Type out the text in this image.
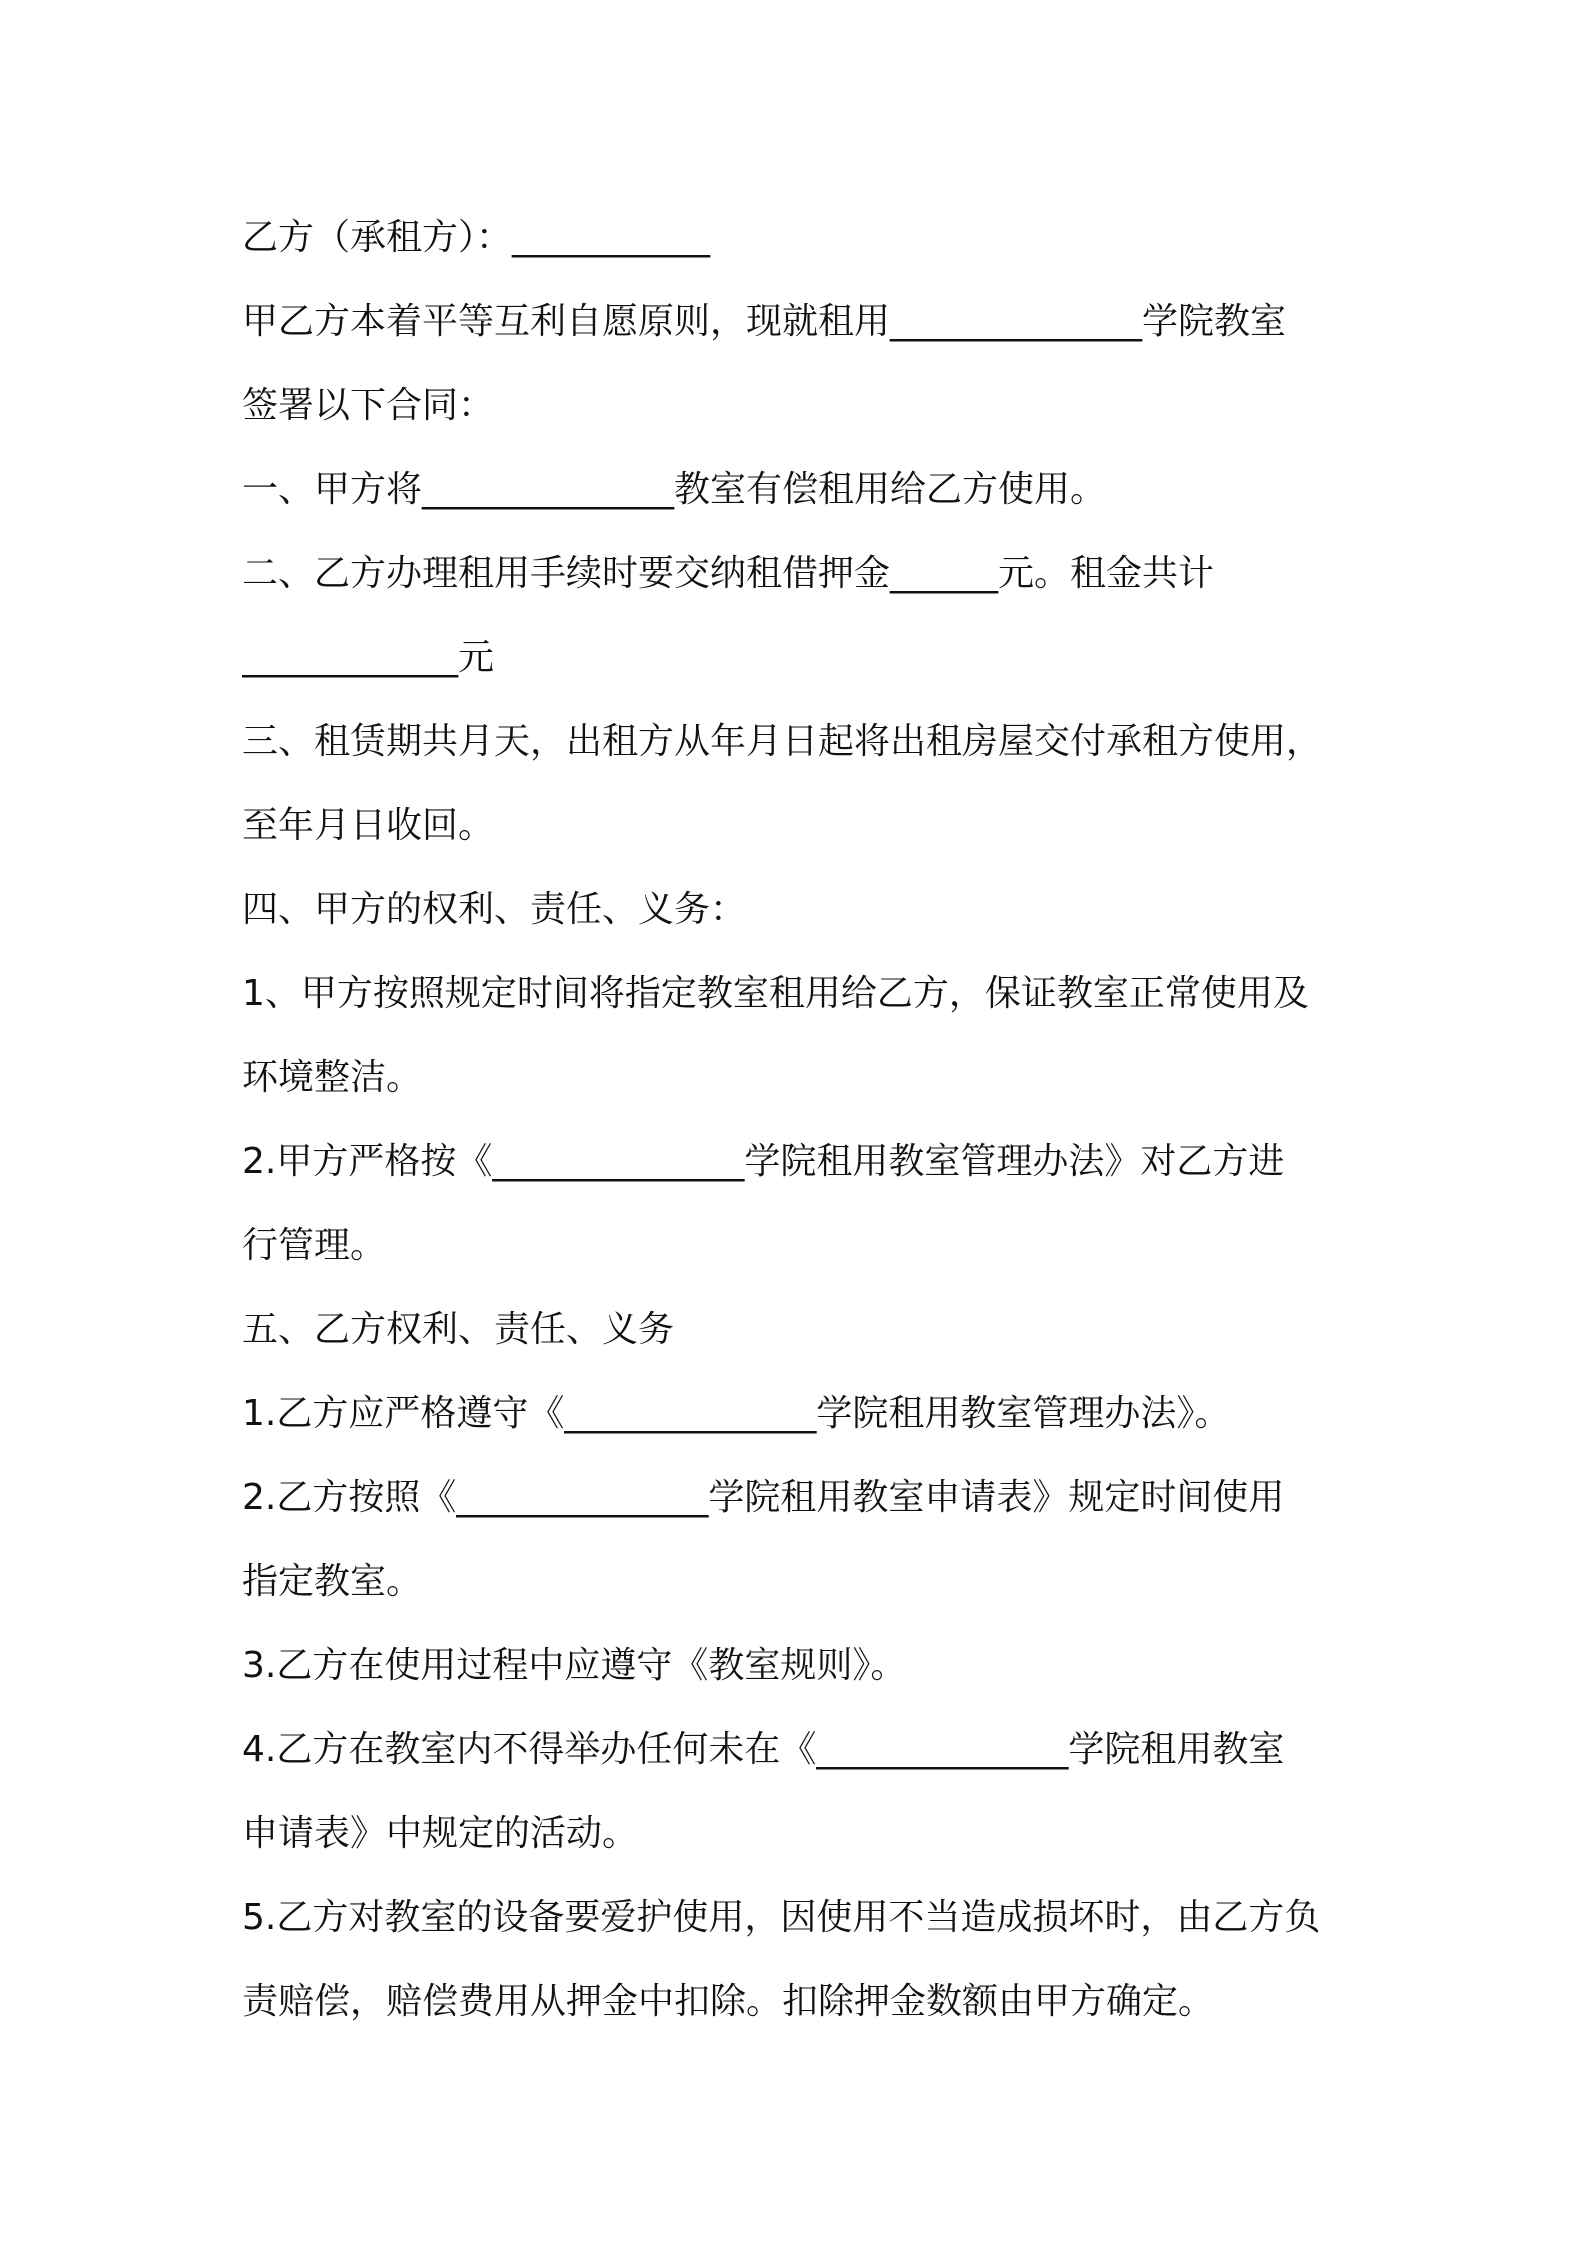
乙方（承租方）：___________
甲乙方本着平等互利自愿原则，现就租用______________学院教室
签署以下合同：
一、甲方将______________教室有偿租用给乙方使用。
二、乙方办理租用手续时要交纳租借押金______元。租金共计
____________元
三、租赁期共月天，出租方从年月日起将出租房屋交付承租方使用，
至年月日收回。
四、甲方的权利、责任、义务：
1、甲方按照规定时间将指定教室租用给乙方，保证教室正常使用及
环境整洁。
2.甲方严格按《______________学院租用教室管理办法》对乙方进
行管理。
五、乙方权利、责任、义务
1.乙方应严格遵守《______________学院租用教室管理办法》。
2.乙方按照《______________学院租用教室申请表》规定时间使用
指定教室。
3.乙方在使用过程中应遵守《教室规则》。
4.乙方在教室内不得举办任何未在《______________学院租用教室
申请表》中规定的活动。
5.乙方对教室的设备要爱护使用，因使用不当造成损坏时，由乙方负
责赔偿，赔偿费用从押金中扣除。扣除押金数额由甲方确定。
